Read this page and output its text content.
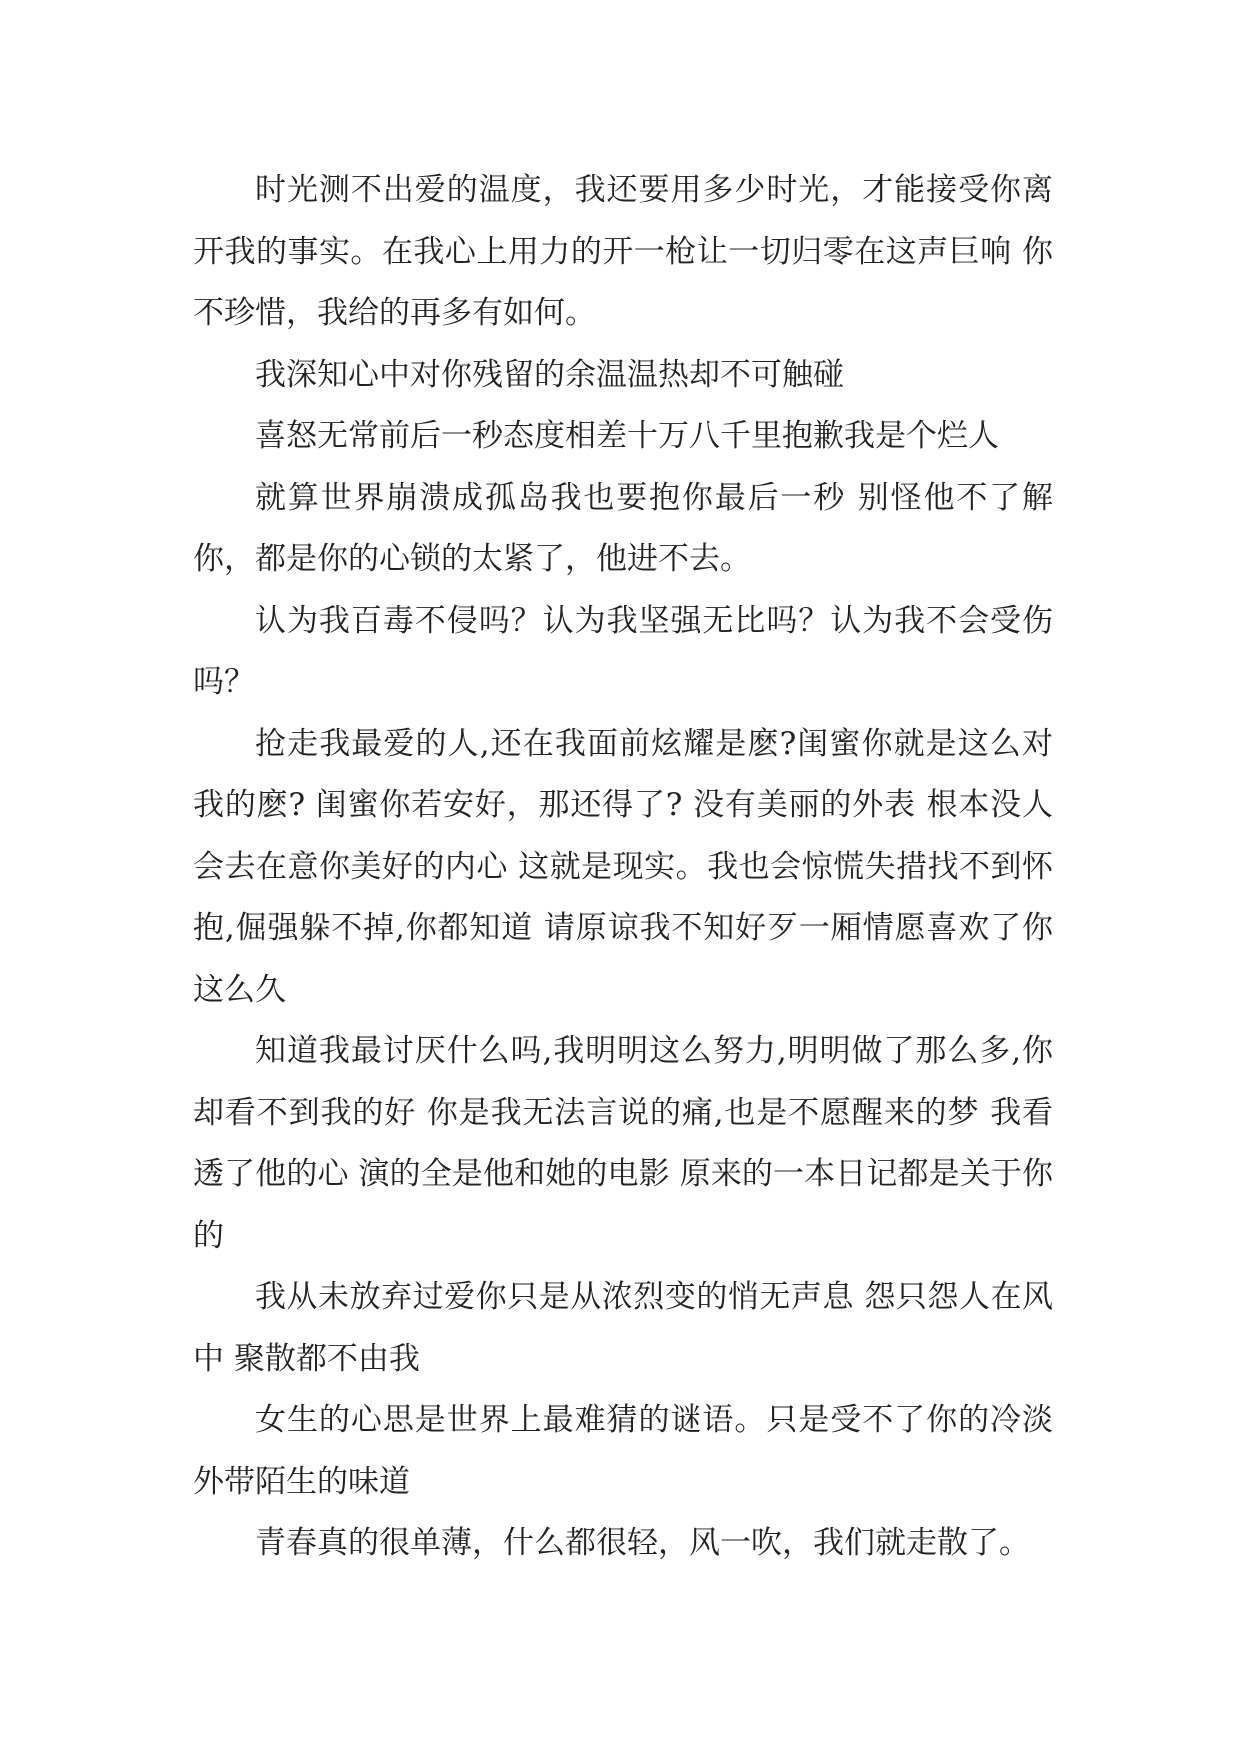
时光测不出爱的温度，我还要用多少时光，才能接受你离开我的事实。在我心上用力的开一枪让一切归零在这声巨响 你不珍惜，我给的再多有如何。

我深知心中对你残留的余温温热却不可触碰

喜怒无常前后一秒态度相差十万八千里抱歉我是个烂人

就算世界崩溃成孤岛我也要抱你最后一秒 别怪他不了解你，都是你的心锁的太紧了，他进不去。

认为我百毒不侵吗？认为我坚强无比吗？认为我不会受伤吗？

抢走我最爱的人,还在我面前炫耀是麽?闺蜜你就是这么对我的麽? 闺蜜你若安好，那还得了? 没有美丽的外表 根本没人会去在意你美好的内心 这就是现实。我也会惊慌失措找不到怀抱,倔强躲不掉,你都知道 请原谅我不知好歹一厢情愿喜欢了你这么久

知道我最讨厌什么吗,我明明这么努力,明明做了那么多,你却看不到我的好 你是我无法言说的痛,也是不愿醒来的梦 我看透了他的心 演的全是他和她的电影 原来的一本日记都是关于你的

我从未放弃过爱你只是从浓烈变的悄无声息 怨只怨人在风中 聚散都不由我

女生的心思是世界上最难猜的谜语。只是受不了你的冷淡外带陌生的味道

青春真的很单薄，什么都很轻，风一吹，我们就走散了。
